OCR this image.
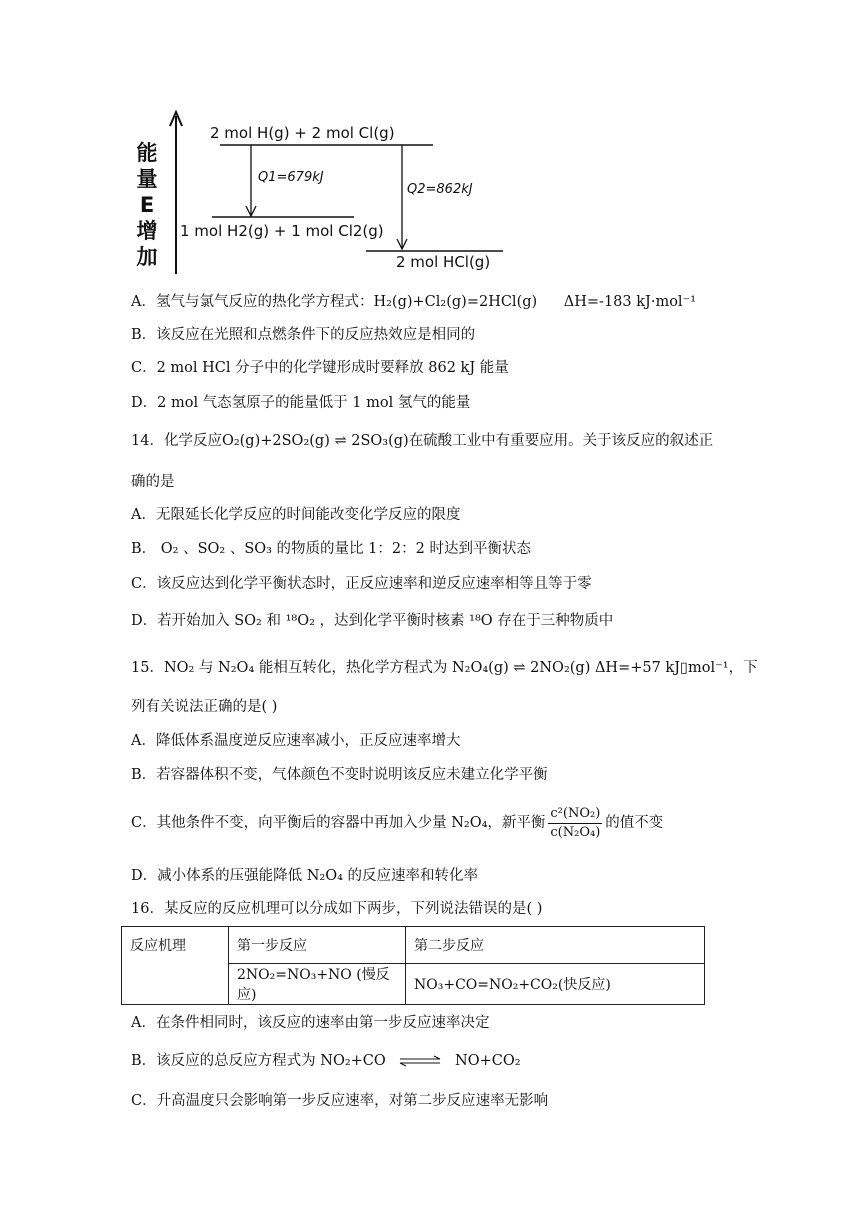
能
量
E
增
加
2 mol H(g) + 2 mol Cl(g)
1 mol H2(g) + 1 mol Cl2(g)
2 mol HCl(g)
Q1=679kJ
Q2=862kJ
A．氢气与氯气反应的热化学方程式：H₂(g)+Cl₂(g)=2HCl(g) ΔH=-183 kJ·mol⁻¹
B．该反应在光照和点燃条件下的反应热效应是相同的
C．2 mol HCl 分子中的化学键形成时要释放 862 kJ 能量
D．2 mol 气态氢原子的能量低于 1 mol 氢气的能量
14．化学反应O₂(g)+2SO₂(g) ⇌ 2SO₃(g)在硫酸工业中有重要应用。关于该反应的叙述正
确的是
A．无限延长化学反应的时间能改变化学反应的限度
B． O₂ 、SO₂ 、SO₃ 的物质的量比 1：2：2 时达到平衡状态
C．该反应达到化学平衡状态时，正反应速率和逆反应速率相等且等于零
D．若开始加入 SO₂ 和 ¹⁸O₂ ，达到化学平衡时核素 ¹⁸O 存在于三种物质中
15．NO₂ 与 N₂O₄ 能相互转化，热化学方程式为 N₂O₄(g) ⇌ 2NO₂(g) ΔH=+57 kJ▯mol⁻¹，下
列有关说法正确的是( )
A．降低体系温度逆反应速率减小，正反应速率增大
B．若容器体积不变，气体颜色不变时说明该反应未建立化学平衡
C．其他条件不变，向平衡后的容器中再加入少量 N₂O₄，新平衡 $\frac{\text{c²(NO₂)}}{\text{c(N₂O₄)}}$ 的值不变
D．减小体系的压强能降低 N₂O₄ 的反应速率和转化率
16．某反应的反应机理可以分成如下两步，下列说法错误的是( )
反应机理	第一步反应	第二步反应
	2NO₂=NO₃+NO (慢反应)	NO₃+CO=NO₂+CO₂(快反应)
A．在条件相同时，该反应的速率由第一步反应速率决定
B．该反应的总反应方程式为 NO₂+CO ⇌ NO+CO₂
C．升高温度只会影响第一步反应速率，对第二步反应速率无影响
